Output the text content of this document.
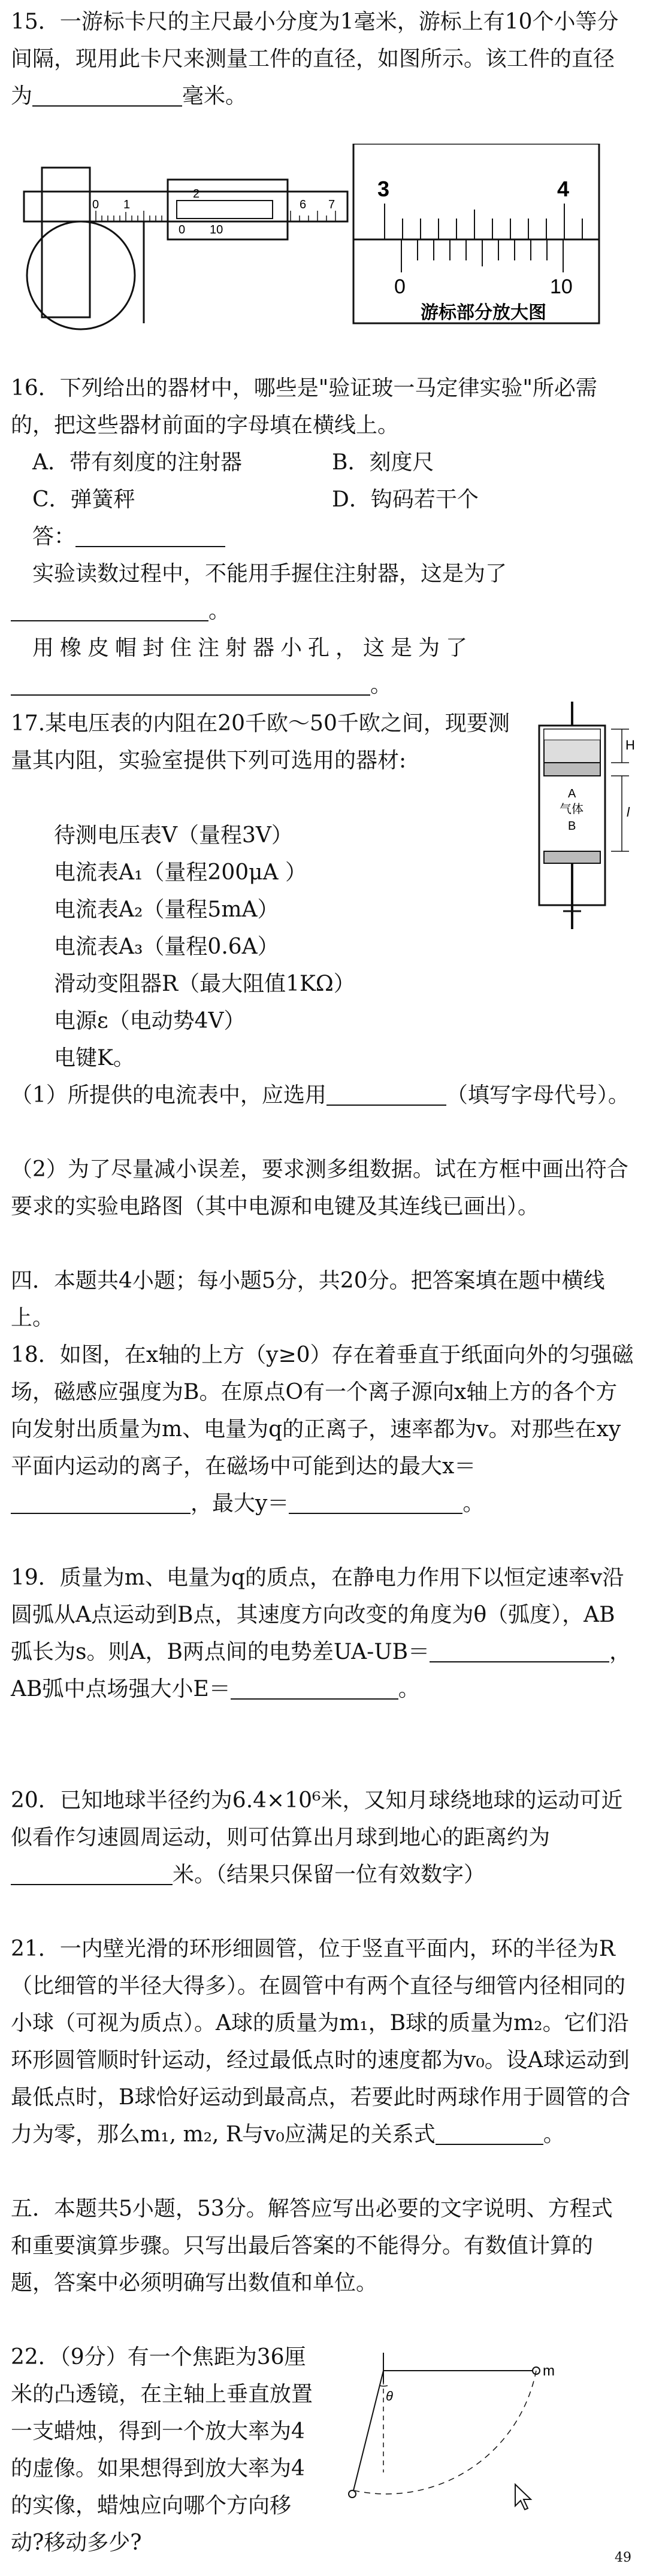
15．一游标卡尺的主尺最小分度为1毫米，游标上有10个小等分间隔，现用此卡尺来测量工件的直径，如图所示。该工件的直径为	毫米。
0 1
2
6 7
0 10
3	4
0	10
游标部分放大图
16．下列给出的器材中，哪些是"验证玻一马定律实验"所必需的，把这些器材前面的字母填在横线上。
A．带有刻度的注射器	B．刻度尺
C．弹簧秤	D．钩码若干个
答：
实验读数过程中，不能用手握住注射器，这是为了
。
用橡皮帽封住注射器小孔，这是为了
。
17.某电压表的内阻在20千欧～50千欧之间，现要测量其内阻，实验室提供下列可选用的器材:
H
A
气体
B
l
待测电压表V（量程3V）
电流表A₁（量程200μA ）
电流表A₂（量程5mA）
电流表A₃（量程0.6A）
滑动变阻器R（最大阻值1KΩ）
电源ε（电动势4V）
电键K。
（1）所提供的电流表中，应选用	（填写字母代号）。
（2）为了尽量减小误差，要求测多组数据。试在方框中画出符合要求的实验电路图（其中电源和电键及其连线已画出）。
四．本题共4小题；每小题5分，共20分。把答案填在题中横线上。
18．如图，在x轴的上方（y≥0）存在着垂直于纸面向外的匀强磁场，磁感应强度为B。在原点O有一个离子源向x轴上方的各个方向发射出质量为m、电量为q的正离子，速率都为v。对那些在xy平面内运动的离子，在磁场中可能到达的最大x＝，最大y＝	。
19．质量为m、电量为q的质点，在静电力作用下以恒定速率v沿圆弧从A点运动到B点，其速度方向改变的角度为θ（弧度），AB弧长为s。则A，B两点间的电势差UA-UB＝	，AB弧中点场强大小E＝	。
20．已知地球半径约为6.4×10⁶米，又知月球绕地球的运动可近似看作匀速圆周运动，则可估算出月球到地心的距离约为米。（结果只保留一位有效数字）
21．一内壁光滑的环形细圆管，位于竖直平面内，环的半径为R（比细管的半径大得多）。在圆管中有两个直径与细管内径相同的小球（可视为质点）。A球的质量为m₁，B球的质量为m₂。它们沿环形圆管顺时针运动，经过最低点时的速度都为v₀。设A球运动到最低点时，B球恰好运动到最高点，若要此时两球作用于圆管的合力为零，那么m₁, m₂, R与v₀应满足的关系式	。
五．本题共5小题，53分。解答应写出必要的文字说明、方程式和重要演算步骤。只写出最后答案的不能得分。有数值计算的题，答案中必须明确写出数值和单位。
22．（9分）有一个焦距为36厘米的凸透镜，在主轴上垂直放置一支蜡烛，得到一个放大率为4的虚像。如果想得到放大率为4的实像，蜡烛应向哪个方向移动?移动多少?
θ
m
49
